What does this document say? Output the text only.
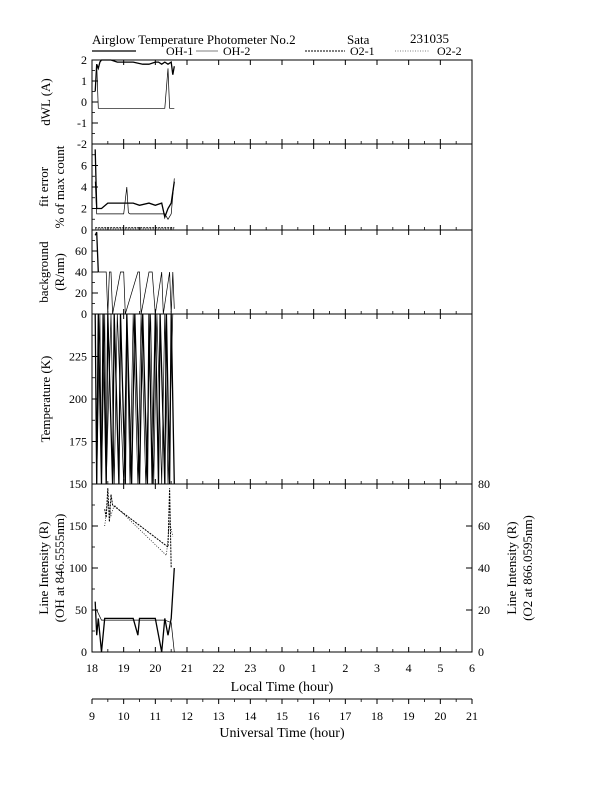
Airglow Temperature Photometer No.2	Sata	231035
OH-1 OH-2	O2-1	O2-2
-2
-1
0
1
2
dWL (A)
0
2
4
6
fit error % of max count
0
20
40
60
background (R/nm)
150
175
200
225
Temperature (K)
0
50
100
150
Line Intensity (R) (OH at 846.5555nm)
0
20
40
60
80
Line Intensity (R) (O2 at 866.0595nm)
18 19 20 21 22 23 0 1 2 3 4 5 6
Local Time (hour)
9 10 11 12 13 14 15 16 17 18 19 20 21
Universal Time (hour)
